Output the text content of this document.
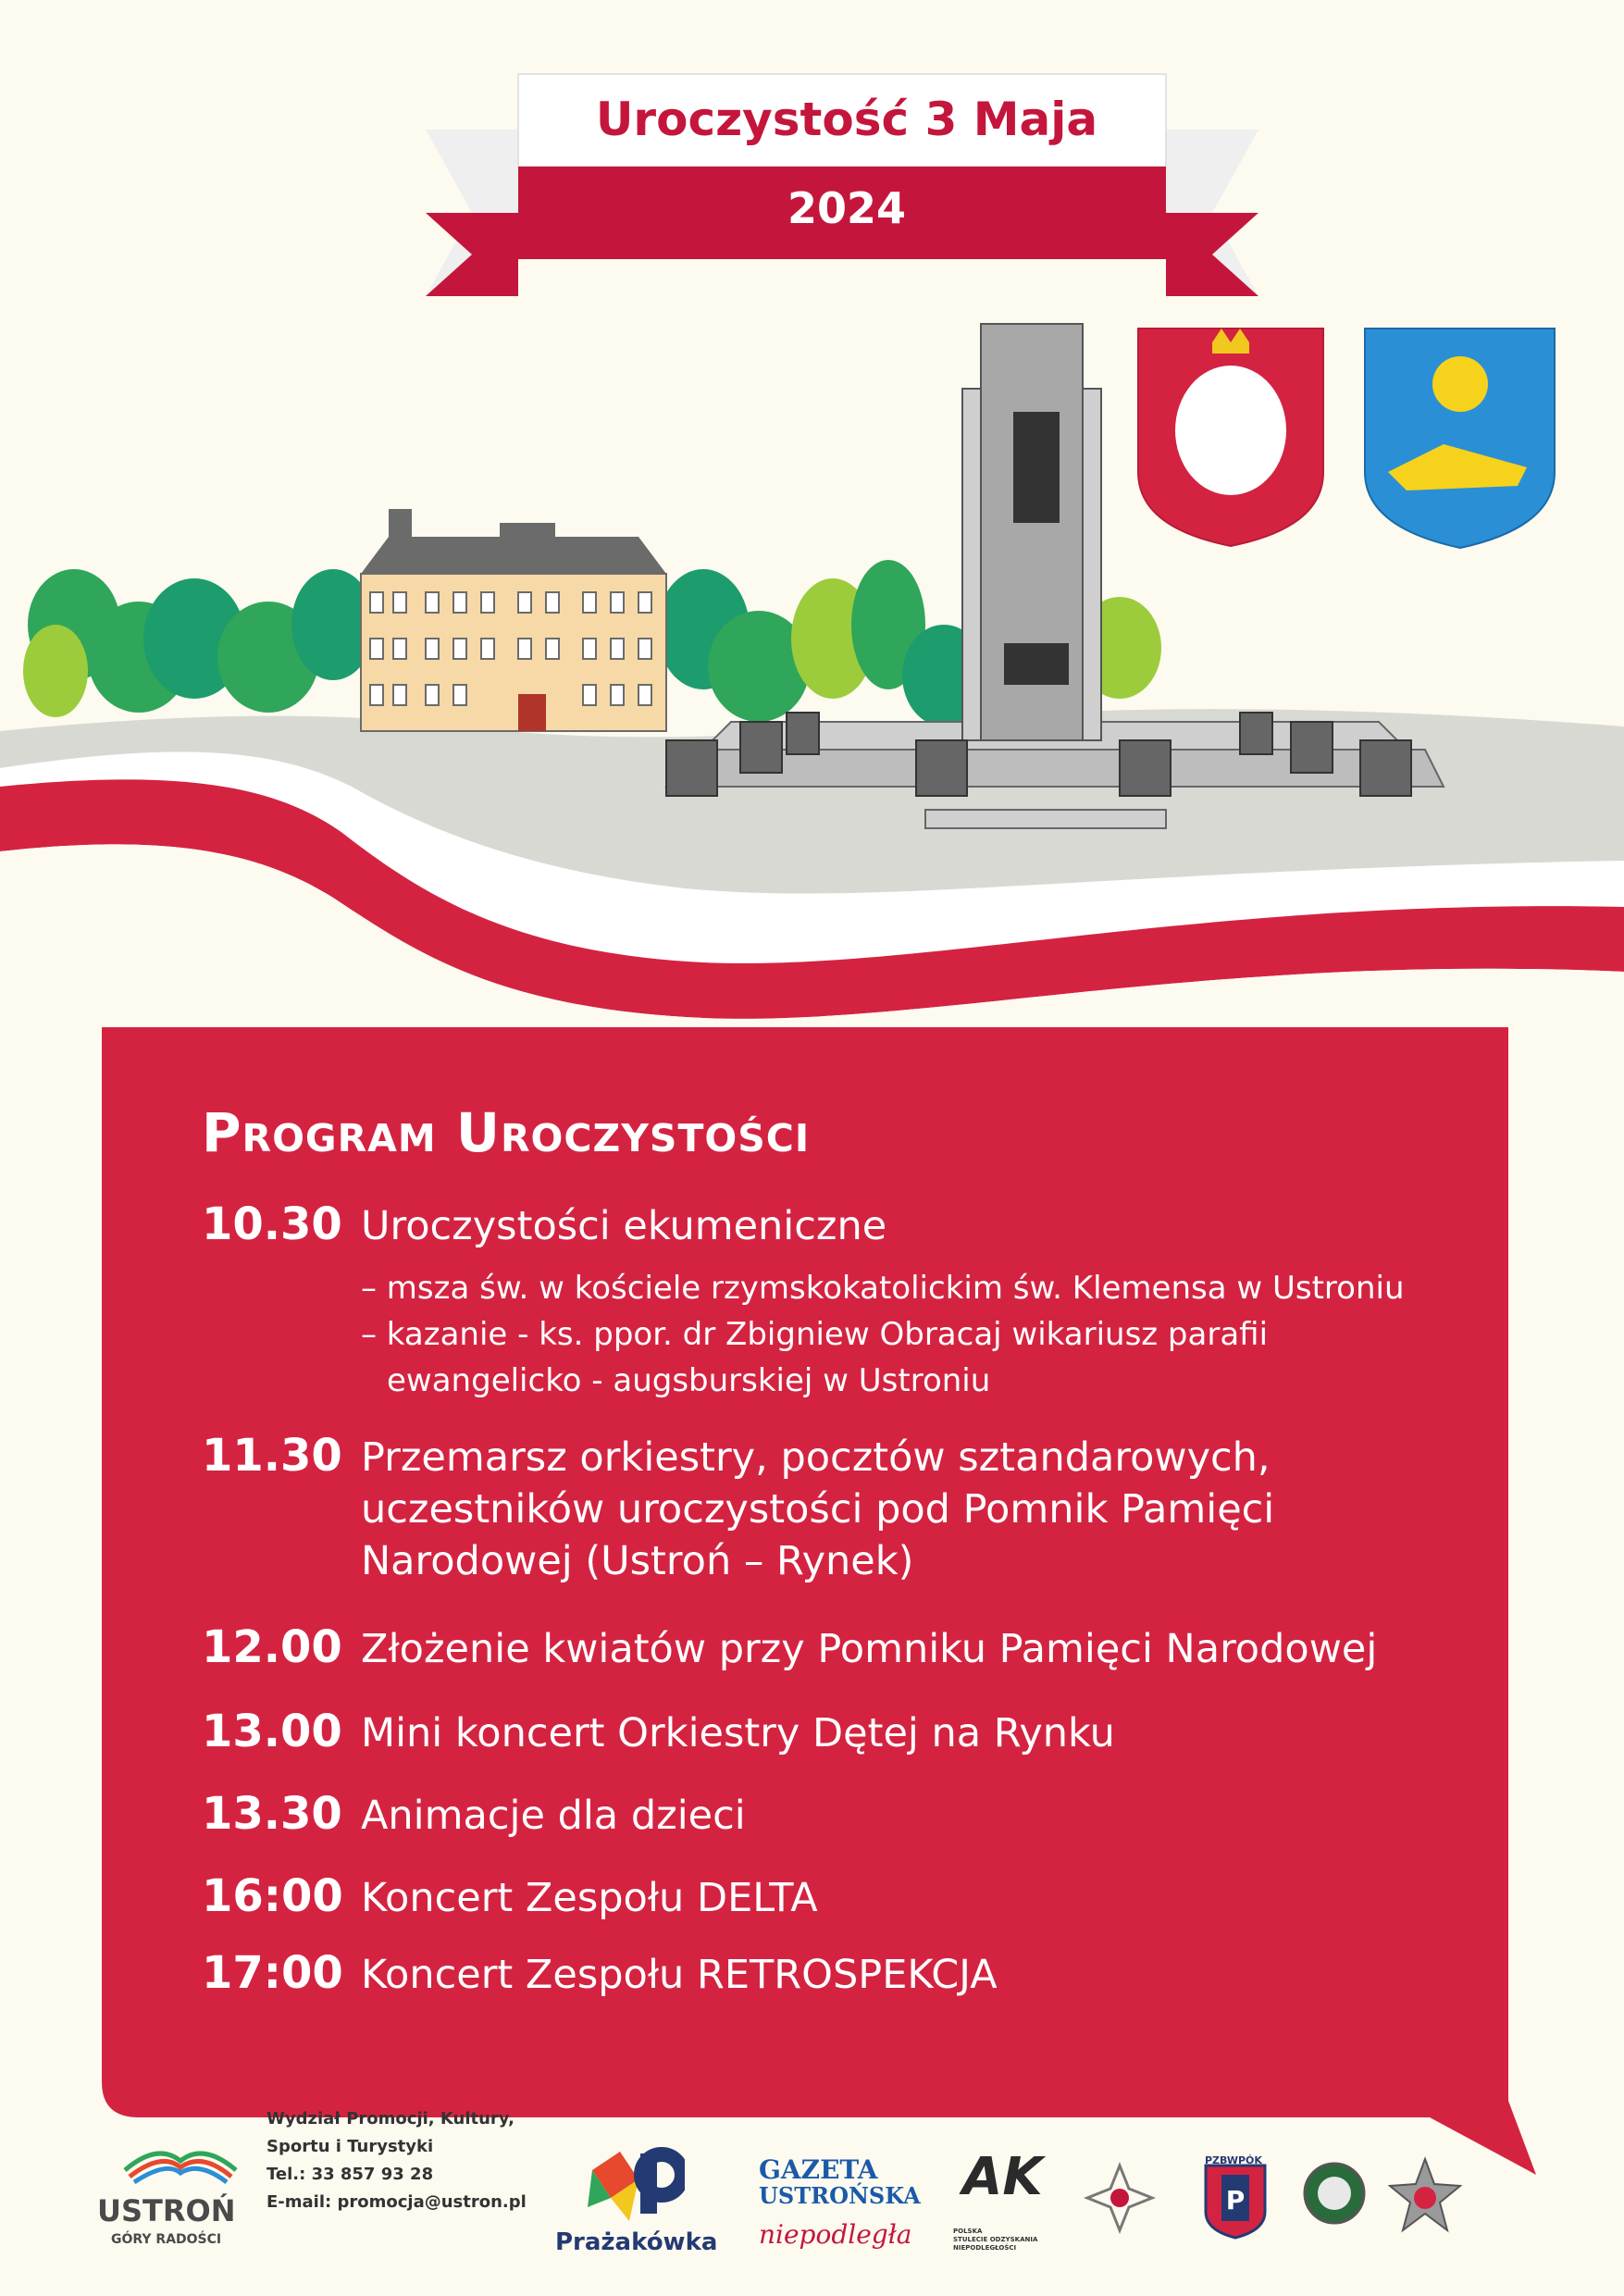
Uroczystość 3 Maja
2024
Program Uroczystości
10.30 Uroczystości ekumeniczne
– msza św. w kościele rzymskokatolickim św. Klemensa w Ustroniu
– kazanie - ks. ppor. dr Zbigniew Obracaj wikariusz parafii
ewangelicko - augsburskiej w Ustroniu
11.30 Przemarsz orkiestry, pocztów sztandarowych,
uczestników uroczystości pod Pomnik Pamięci
Narodowej (Ustroń – Rynek)
12.00 Złożenie kwiatów przy Pomniku Pamięci Narodowej
13.00 Mini koncert Orkiestry Dętej na Rynku
13.30 Animacje dla dzieci
16:00 Koncert Zespołu DELTA
17:00 Koncert Zespołu RETROSPEKCJA
USTROŃ
GÓRY RADOŚCI
Wydział Promocji, Kultury,
Sportu i Turystyki
Tel.: 33 857 93 28
E-mail: promocja@ustron.pl
Prażakówka
GAZETA
USTROŃSKA
niepodległa	POLSKA
STULECIE ODZYSKANIA
NIEPODLEGŁOŚCI
AK	P
PZBWPÓK
